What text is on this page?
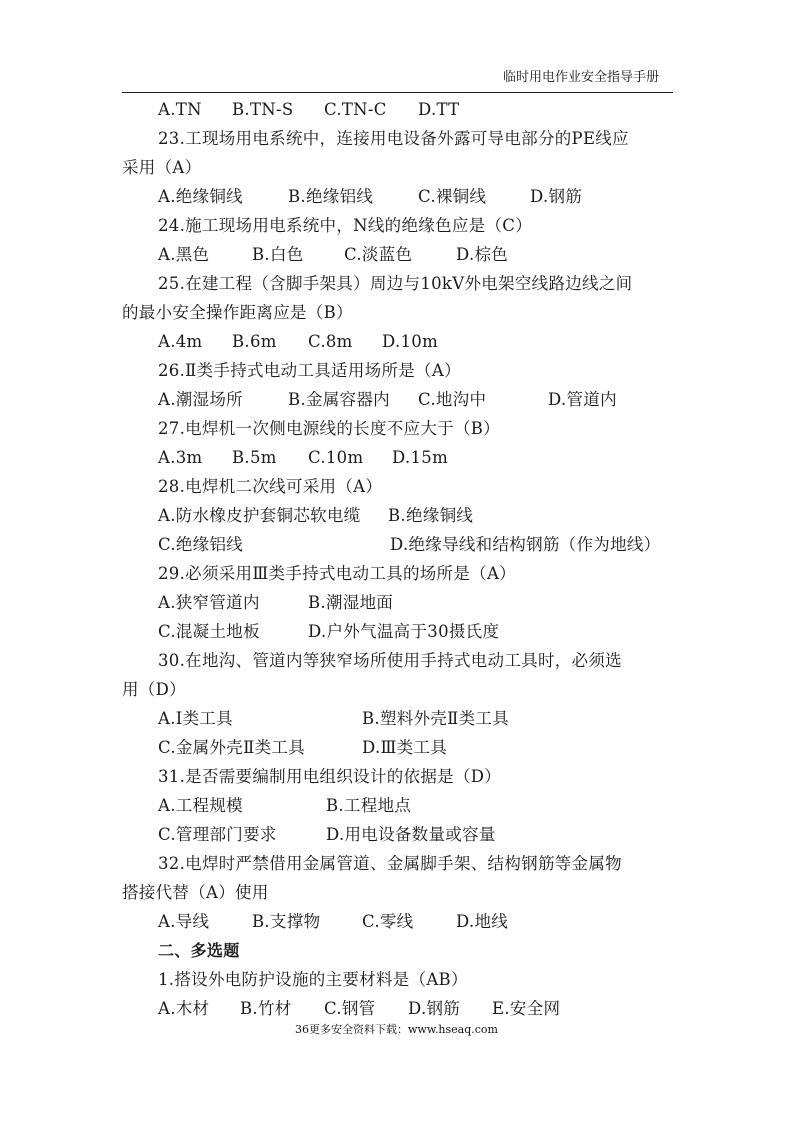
临时用电作业安全指导手册
A.TN B.TN-S C.TN-C D.TT
23.工现场用电系统中，连接用电设备外露可导电部分的PE线应
采用（A）
A.绝缘铜线	B.绝缘铝线	C.裸铜线	D.钢筋
24.施工现场用电系统中，N线的绝缘色应是（C）
A.黑色	B.白色 C.淡蓝色	D.棕色
25.在建工程（含脚手架具）周边与10kV外电架空线路边线之间
的最小安全操作距离应是（B）
A.4m B.6m C.8m D.10m
26.Ⅱ类手持式电动工具适用场所是（A）
A.潮湿场所	B.金属容器内 C.地沟中	D.管道内
27.电焊机一次侧电源线的长度不应大于（B）
A.3m B.5m C.10m D.15m
28.电焊机二次线可采用（A）
A.防水橡皮护套铜芯软电缆 B.绝缘铜线
C.绝缘铝线	D.绝缘导线和结构钢筋（作为地线）
29.必须采用Ⅲ类手持式电动工具的场所是（A）
A.狭窄管道内	B.潮湿地面
C.混凝土地板	D.户外气温高于30摄氏度
30.在地沟、管道内等狭窄场所使用手持式电动工具时，必须选
用（D）
A.Ⅰ类工具	B.塑料外壳Ⅱ类工具
C.金属外壳Ⅱ类工具	D.Ⅲ类工具
31.是否需要编制用电组织设计的依据是（D）
A.工程规模	B.工程地点
C.管理部门要求	D.用电设备数量或容量
32.电焊时严禁借用金属管道、金属脚手架、结构钢筋等金属物
搭接代替（A）使用
A.导线	B.支撑物	C.零线	D.地线
二、多选题
1.搭设外电防护设施的主要材料是（AB）
A.木材 B.竹材 C.钢管 D.钢筋 E.安全网
36更多安全资料下载：www.hseaq.com
